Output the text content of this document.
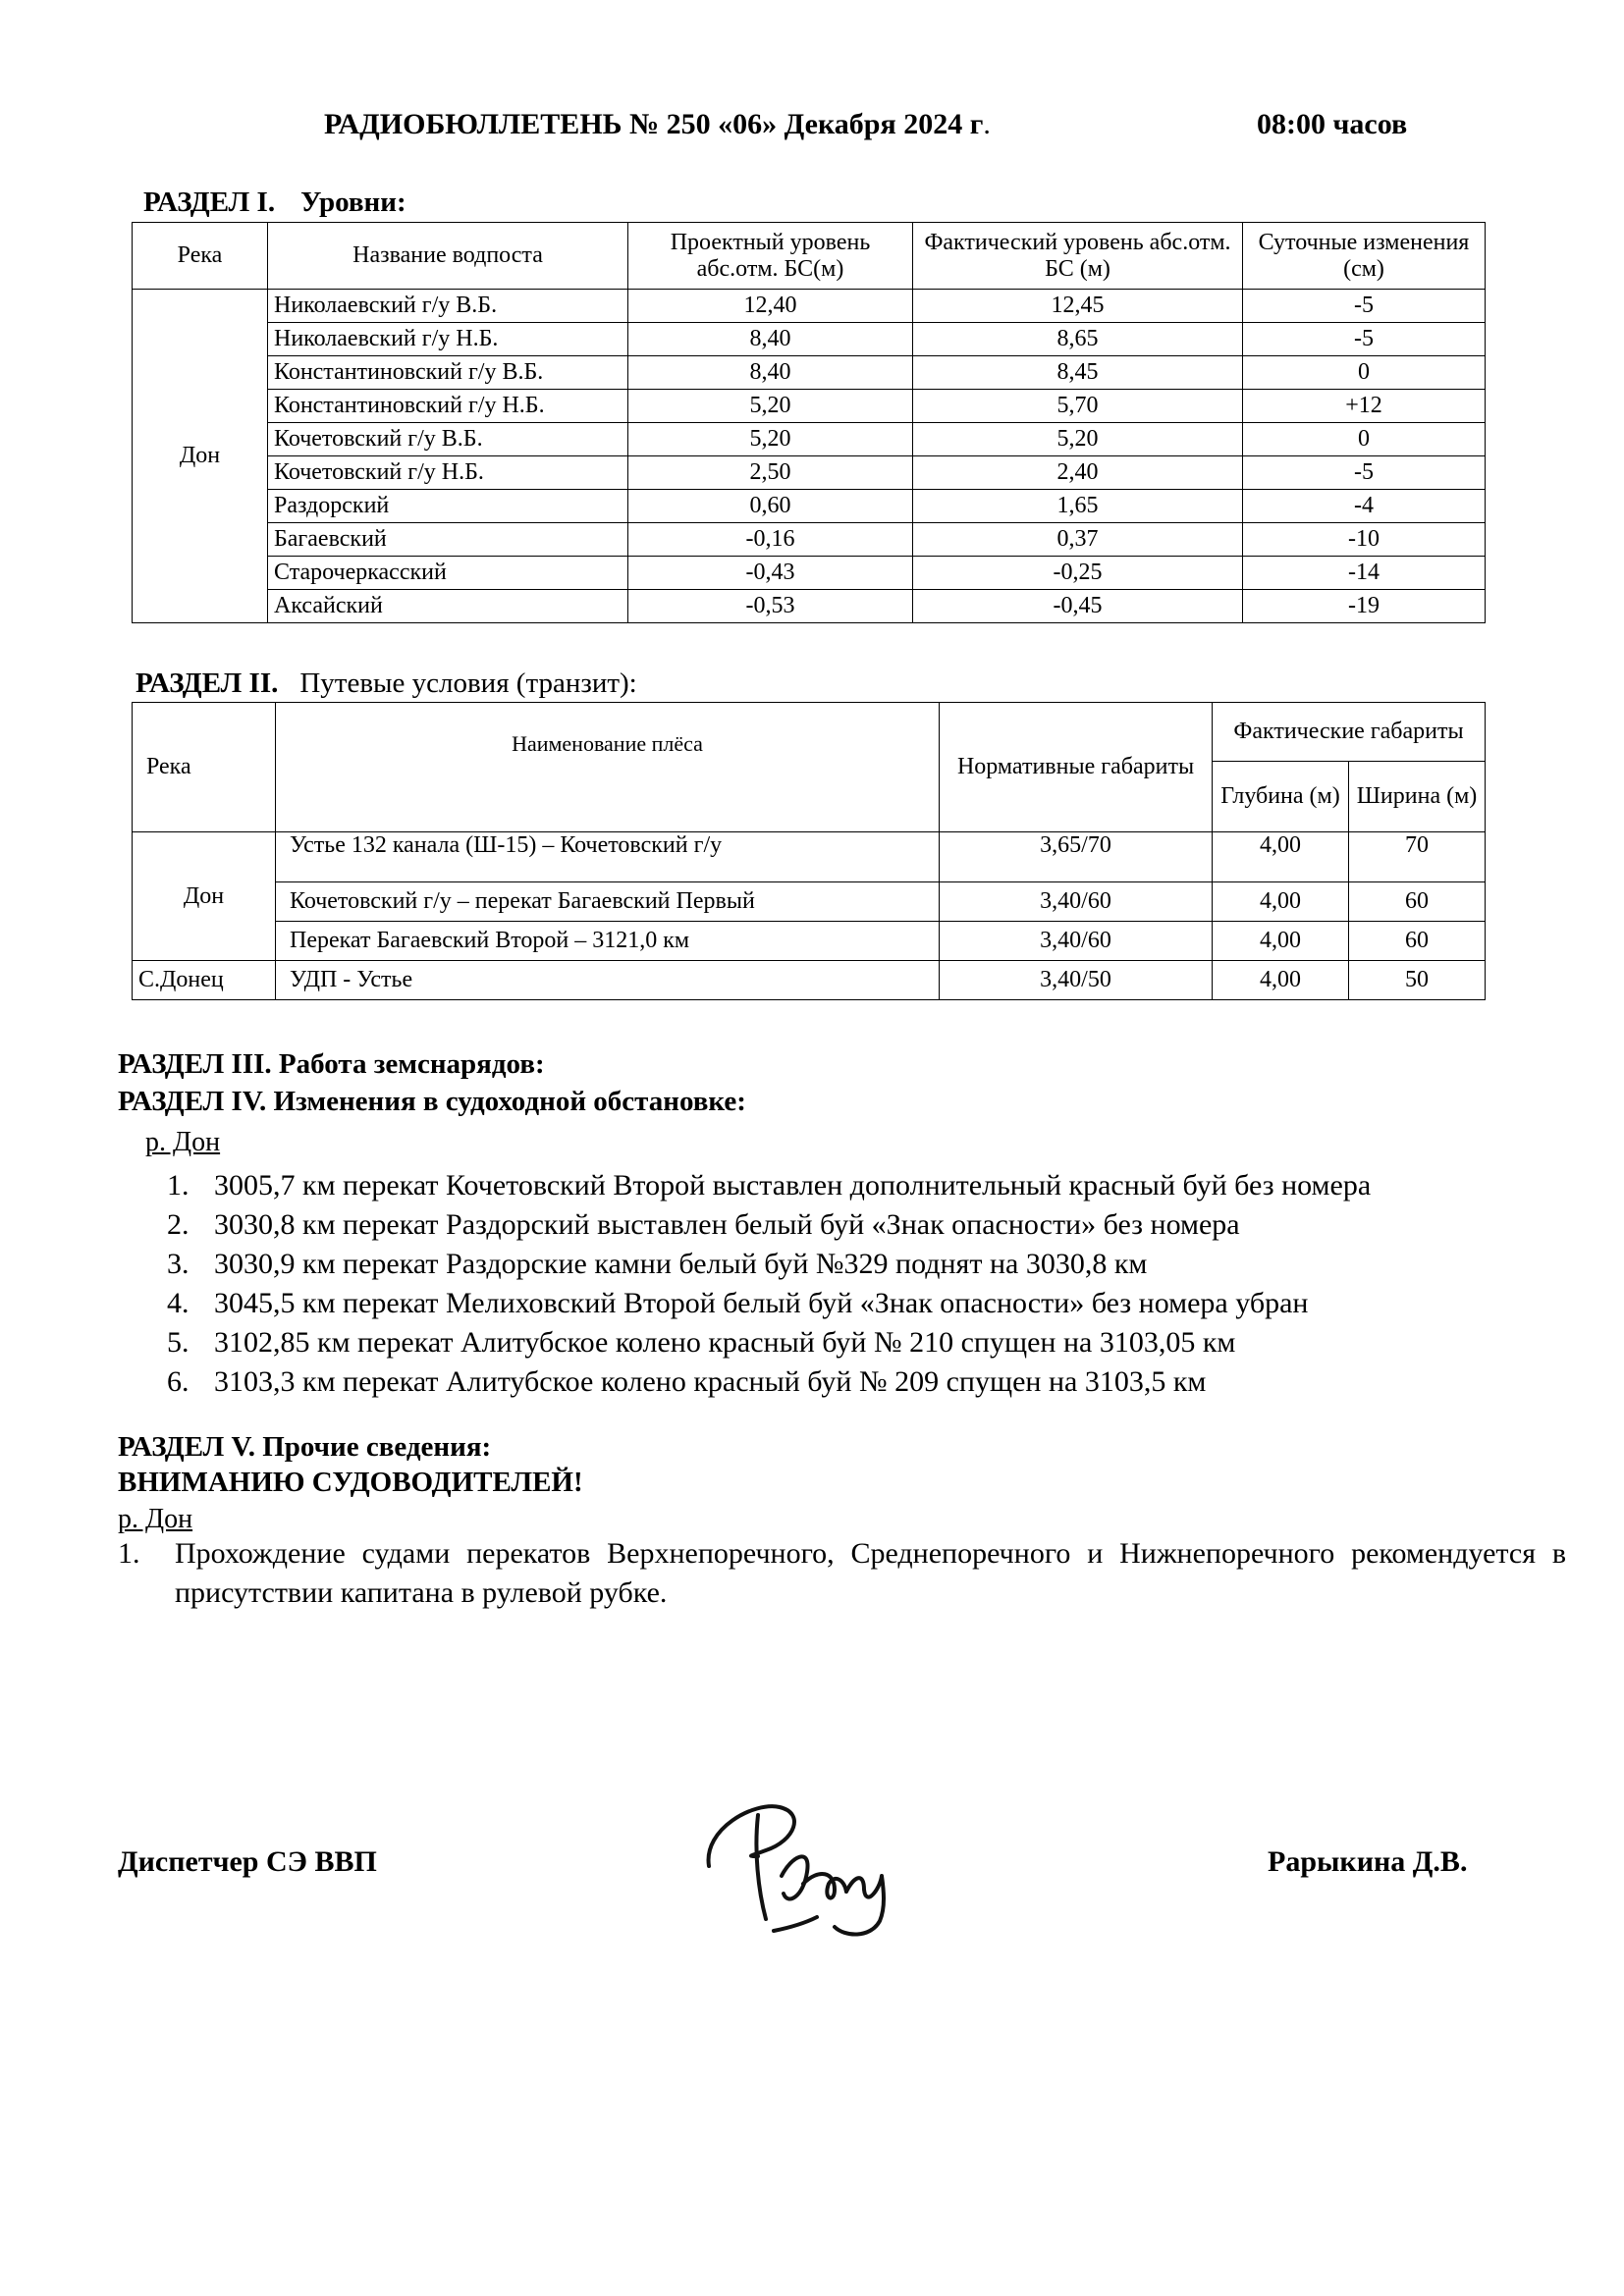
РАДИОБЮЛЛЕТЕНЬ № 250 «06» Декабря 2024 г.	08:00 часов
РАЗДЕЛ I. Уровни:
Река	Название водпоста	Проектный уровень абс.отм. БС(м)	Фактический уровень абс.отм. БС (м)	Суточные изменения (см)
Дон	Николаевский г/у В.Б.	12,40	12,45	-5
	Николаевский г/у Н.Б.	8,40	8,65	-5
	Константиновский г/у В.Б.	8,40	8,45	0
	Константиновский г/у Н.Б.	5,20	5,70	+12
	Кочетовский г/у В.Б.	5,20	5,20	0
	Кочетовский г/у Н.Б.	2,50	2,40	-5
	Раздорский	0,60	1,65	-4
	Багаевский	-0,16	0,37	-10
	Старочеркасский	-0,43	-0,25	-14
	Аксайский	-0,53	-0,45	-19
РАЗДЕЛ II. Путевые условия (транзит):
Река	Наименование плёса	Нормативные габариты	Фактические габариты	
			Глубина (м)	Ширина (м)
Дон	Устье 132 канала (Ш-15) – Кочетовский г/у	3,65/70	4,00	70
	Кочетовский г/у – перекат Багаевский Первый	3,40/60	4,00	60
	Перекат Багаевский Второй – 3121,0 км	3,40/60	4,00	60
С.Донец	УДП - Устье	3,40/50	4,00	50
РАЗДЕЛ III. Работа земснарядов:
РАЗДЕЛ IV. Изменения в судоходной обстановке:
р. Дон
1. 3005,7 км перекат Кочетовский Второй выставлен дополнительный красный буй без номера
2. 3030,8 км перекат Раздорский выставлен белый буй «Знак опасности» без номера
3. 3030,9 км перекат Раздорские камни белый буй №329 поднят на 3030,8 км
4. 3045,5 км перекат Мелиховский Второй белый буй «Знак опасности» без номера убран
5. 3102,85 км перекат Алитубское колено красный буй № 210 спущен на 3103,05 км
6. 3103,3 км перекат Алитубское колено красный буй № 209 спущен на 3103,5 км
РАЗДЕЛ V. Прочие сведения:
ВНИМАНИЮ СУДОВОДИТЕЛЕЙ!
р. Дон
1. Прохождение судами перекатов Верхнепоречного, Среднепоречного и Нижнепоречного рекомендуется в присутствии капитана в рулевой рубке.
Диспетчер СЭ ВВП	Рарыкина Д.В.
